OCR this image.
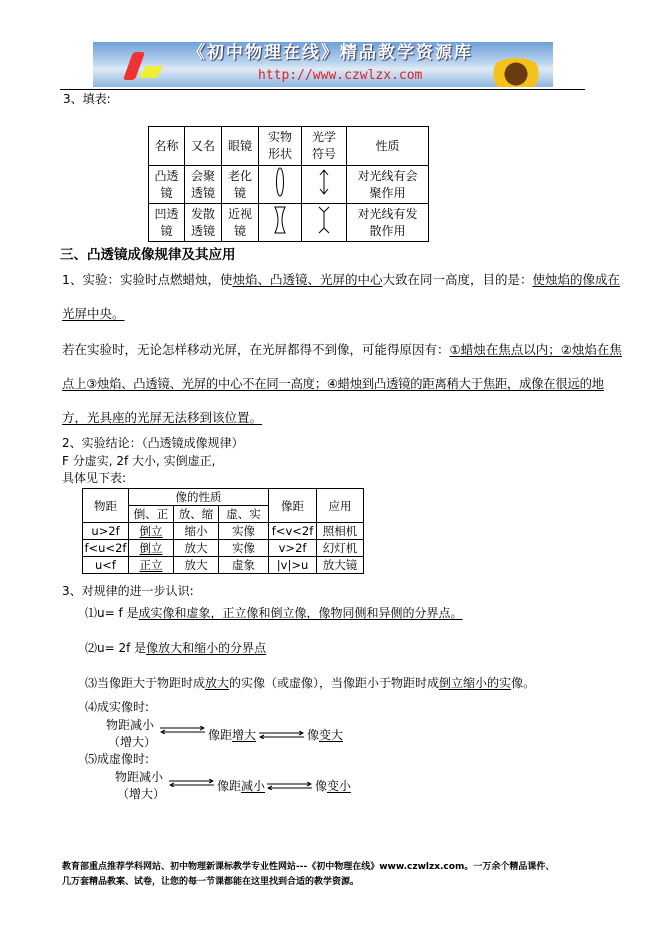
《初中物理在线》精品教学资源库
http://www.czwlzx.com
3、填表:
名称	又名	眼镜	实物形状	光学符号	性质
凸透镜	会聚透镜	老化镜			对光线有会聚作用
凹透镜	发散透镜	近视镜			对光线有发散作用
三、凸透镜成像规律及其应用
1、实验：实验时点燃蜡烛，使烛焰、凸透镜、光屏的中心大致在同一高度，目的是：使烛焰的像成在
光屏中央。
若在实验时，无论怎样移动光屏，在光屏都得不到像，可能得原因有：①蜡烛在焦点以内；②烛焰在焦
点上③烛焰、凸透镜、光屏的中心不在同一高度；④蜡烛到凸透镜的距离稍大于焦距，成像在很远的地
方，光具座的光屏无法移到该位置。
2、实验结论：（凸透镜成像规律）
F 分虚实, 2f 大小, 实倒虚正,
具体见下表:
物距	像的性质			像距	应用
	倒、正	放、缩	虚、实		
u>2f	倒立	缩小	实像	f<v<2f	照相机
f<u<2f	倒立	放大	实像	v>2f	幻灯机
u<f	正立	放大	虚象	|v|>u	放大镜
3、对规律的进一步认识:
⑴u= f 是成实像和虚象，正立像和倒立像，像物同侧和异侧的分界点。
⑵u= 2f 是像放大和缩小的分界点
⑶当像距大于物距时成放大的实像（或虚像），当像距小于物距时成倒立缩小的实像。
⑷成实像时:
物距减小
（增大）	像距增大	像变大
⑸成虚像时:
物距减小
（增大）
像距减小	像变小
教育部重点推荐学科网站、初中物理新课标教学专业性网站---《初中物理在线》www.czwlzx.com。一万余个精品课件、
几万套精品教案、试卷，让您的每一节课都能在这里找到合适的教学资源。
